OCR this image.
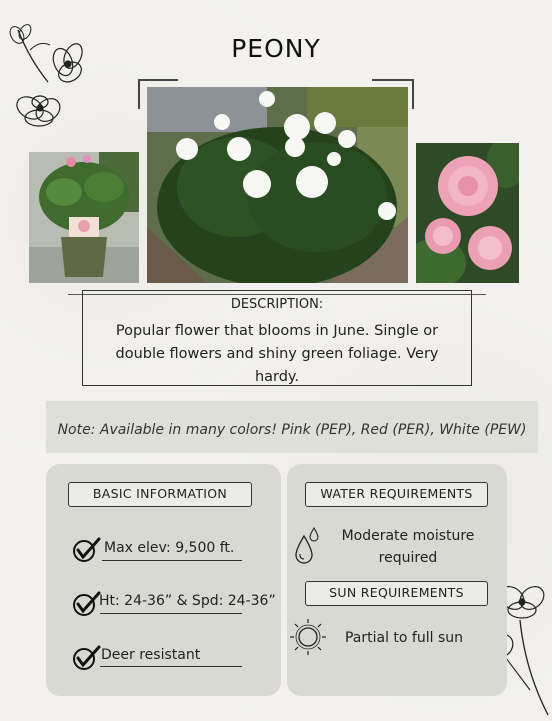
PEONY
DESCRIPTION:
Popular flower that blooms in June. Single or double flowers and shiny green foliage. Very hardy.
Note: Available in many colors! Pink (PEP), Red (PER), White (PEW)
BASIC INFORMATION
Max elev: 9,500 ft.
Ht: 24-36” & Spd: 24-36”
Deer resistant
WATER REQUIREMENTS
Moderate moisture required
SUN REQUIREMENTS
Partial to full sun
